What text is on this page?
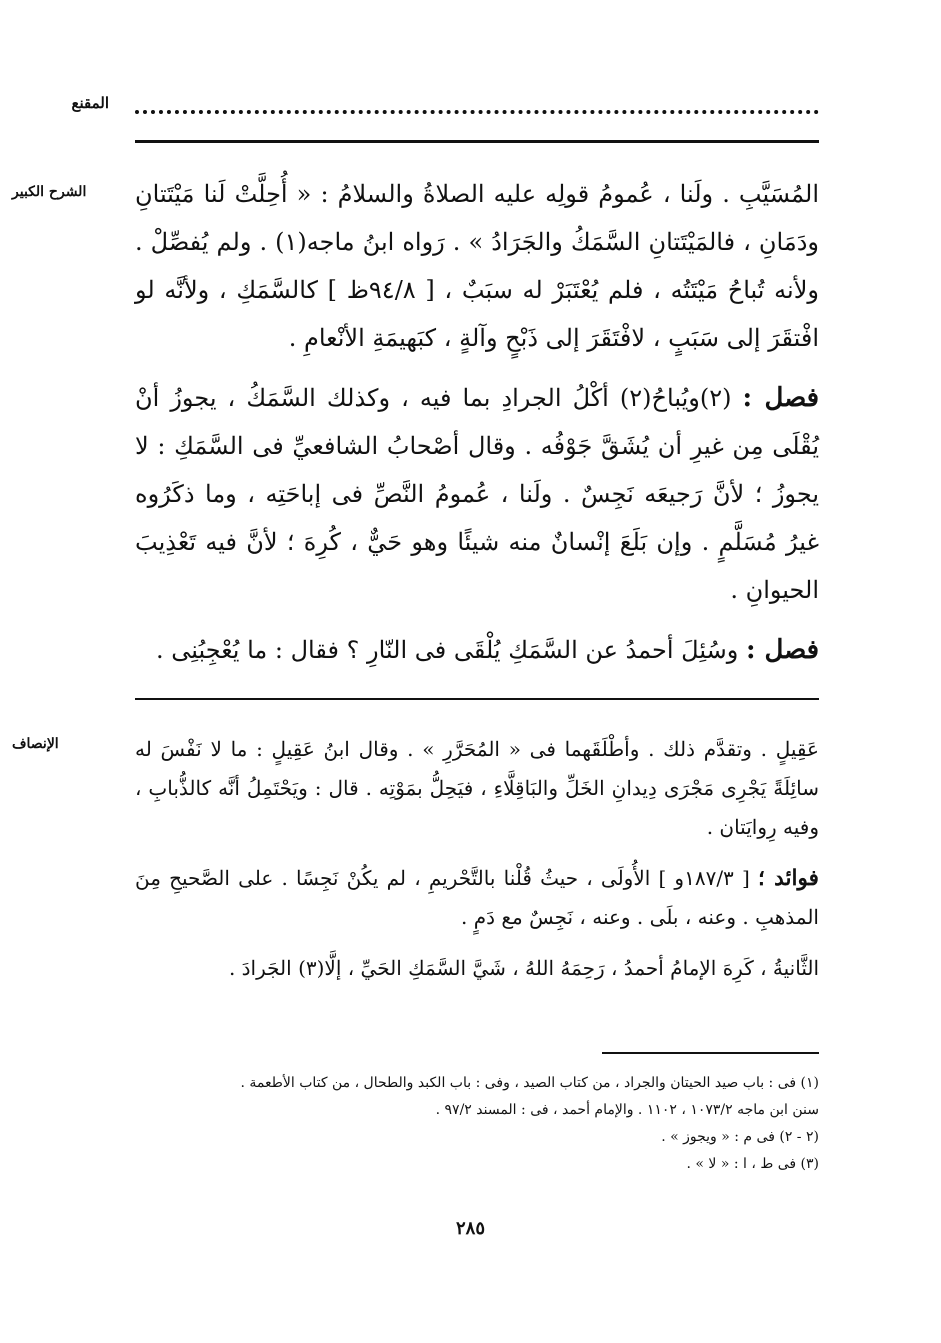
المقنع
الشرح الكبير	المُسَيَّبِ . ولَنا ، عُمومُ قولِه عليه الصلاةُ والسلامُ : « أُحِلَّتْ لَنا مَيْتَتانِ ودَمَانِ ، فالمَيْتَتانِ السَّمَكُ والجَرَادُ » . رَواه ابنُ ماجه(١) . ولم يُفصِّلْ . ولأنه تُباحُ مَيْتَتُه ، فلم يُعْتَبَرْ له سبَبٌ ، [ ٩٤/٨ظ ] كالسَّمَكِ ، ولأنَّه لو افْتقَرَ إلى سَبَبٍ ، لافْتَقَرَ إلى ذَبْحٍ وآلةٍ ، كبَهيمَةِ الأنْعامِ .

فصل : (٢)ويُباحُ(٢) أكْلُ الجرادِ بما فيه ، وكذلك السَّمَكُ ، يجوزُ أنْ يُقْلَى مِن غيرِ أن يُشَقَّ جَوْفُه . وقال أصْحابُ الشافعيِّ فى السَّمَكِ : لا يجوزُ ؛ لأنَّ رَجيعَه نَجِسٌ . ولَنا ، عُمومُ النَّصِّ فى إباحَتِه ، وما ذكَرُوه غيرُ مُسَلَّمٍ . وإن بَلَعَ إنْسانٌ منه شيئًا وهو حَيٌّ ، كُرِهَ ؛ لأنَّ فيه تَعْذِيبَ الحيوانِ .

فصل : وسُئِلَ أحمدُ عن السَّمَكِ يُلْقَى فى النّارِ ؟ فقال : ما يُعْجِبُنِى .

الإنصاف	عَقِيلٍ . وتقدَّم ذلك . وأطْلَقَهما فى « المُحَرَّرِ » . وقال ابنُ عَقِيلٍ : ما لا نَفْسَ له سائِلَةً يَجْرِى مَجْرَى دِيدانِ الخَلِّ والبَاقِلَّاءِ ، فيَحِلُّ بمَوْتِه . قال : ويَحْتَمِلُ أنَّه كالذُّبابِ ، وفيه رِوايَتان .

فوائد ؛ [ ١٨٧/٣و ] الأُولَى ، حيثُ قُلْنا بالتَّحْريمِ ، لم يكُنْ نَجِسًا . على الصَّحيحِ مِنَ المذهبِ . وعنه ، بلَى . وعنه ، نَجِسٌ مع دَمٍ .

الثَّانيةُ ، كَرِهَ الإمامُ أحمدُ ، رَحِمَهُ اللهُ ، شَيَّ السَّمَكِ الحَيِّ ، إلَّا(٣) الجَرادَ .

(١) فى : باب صيد الحيتان والجراد ، من كتاب الصيد ، وفى : باب الكبد والطحال ، من كتاب الأطعمة .

سنن ابن ماجه ١٠٧٣/٢ ، ١١٠٢ . والإمام أحمد ، فى : المسند ٩٧/٢ .

(٢ - ٢) فى م : « ويجوز » .

(٣) فى ط ، ا : « لا » .

٢٨٥
